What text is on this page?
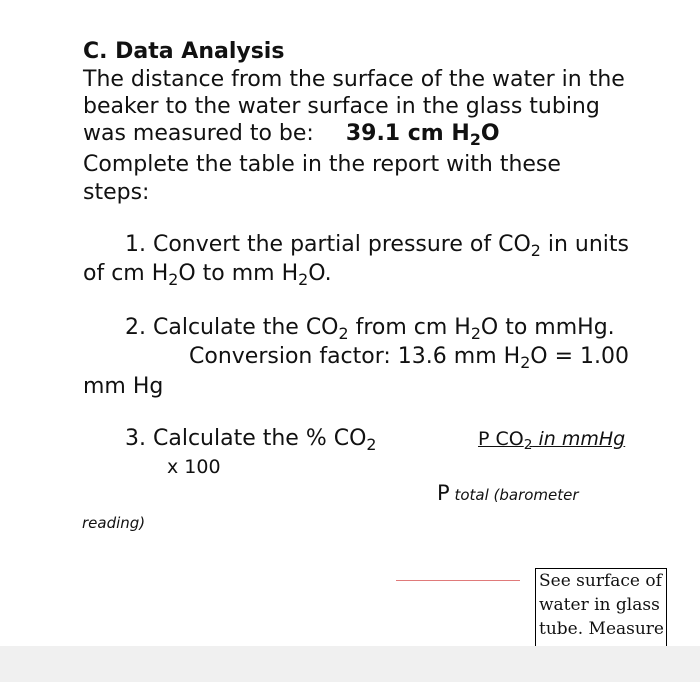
C. Data Analysis
The distance from the surface of the water in the
beaker to the water surface in the glass tubing
was measured to be: 39.1 cm $H_2O$
Complete the table in the report with these
steps:
1. Convert the partial pressure of $CO_2$ in units
of cm $H_2O$ to mm $H_2O$.
2. Calculate the $CO_2$ from cm $H_2O$ to mmHg.
Conversion factor: 13.6 mm $H_2O = 1.00$
mm Hg
3. Calculate the % $CO_2$	P $CO_2$ in mmHg
x 100
P total (barometer
reading)
See surface of water in glass tube. Measure
